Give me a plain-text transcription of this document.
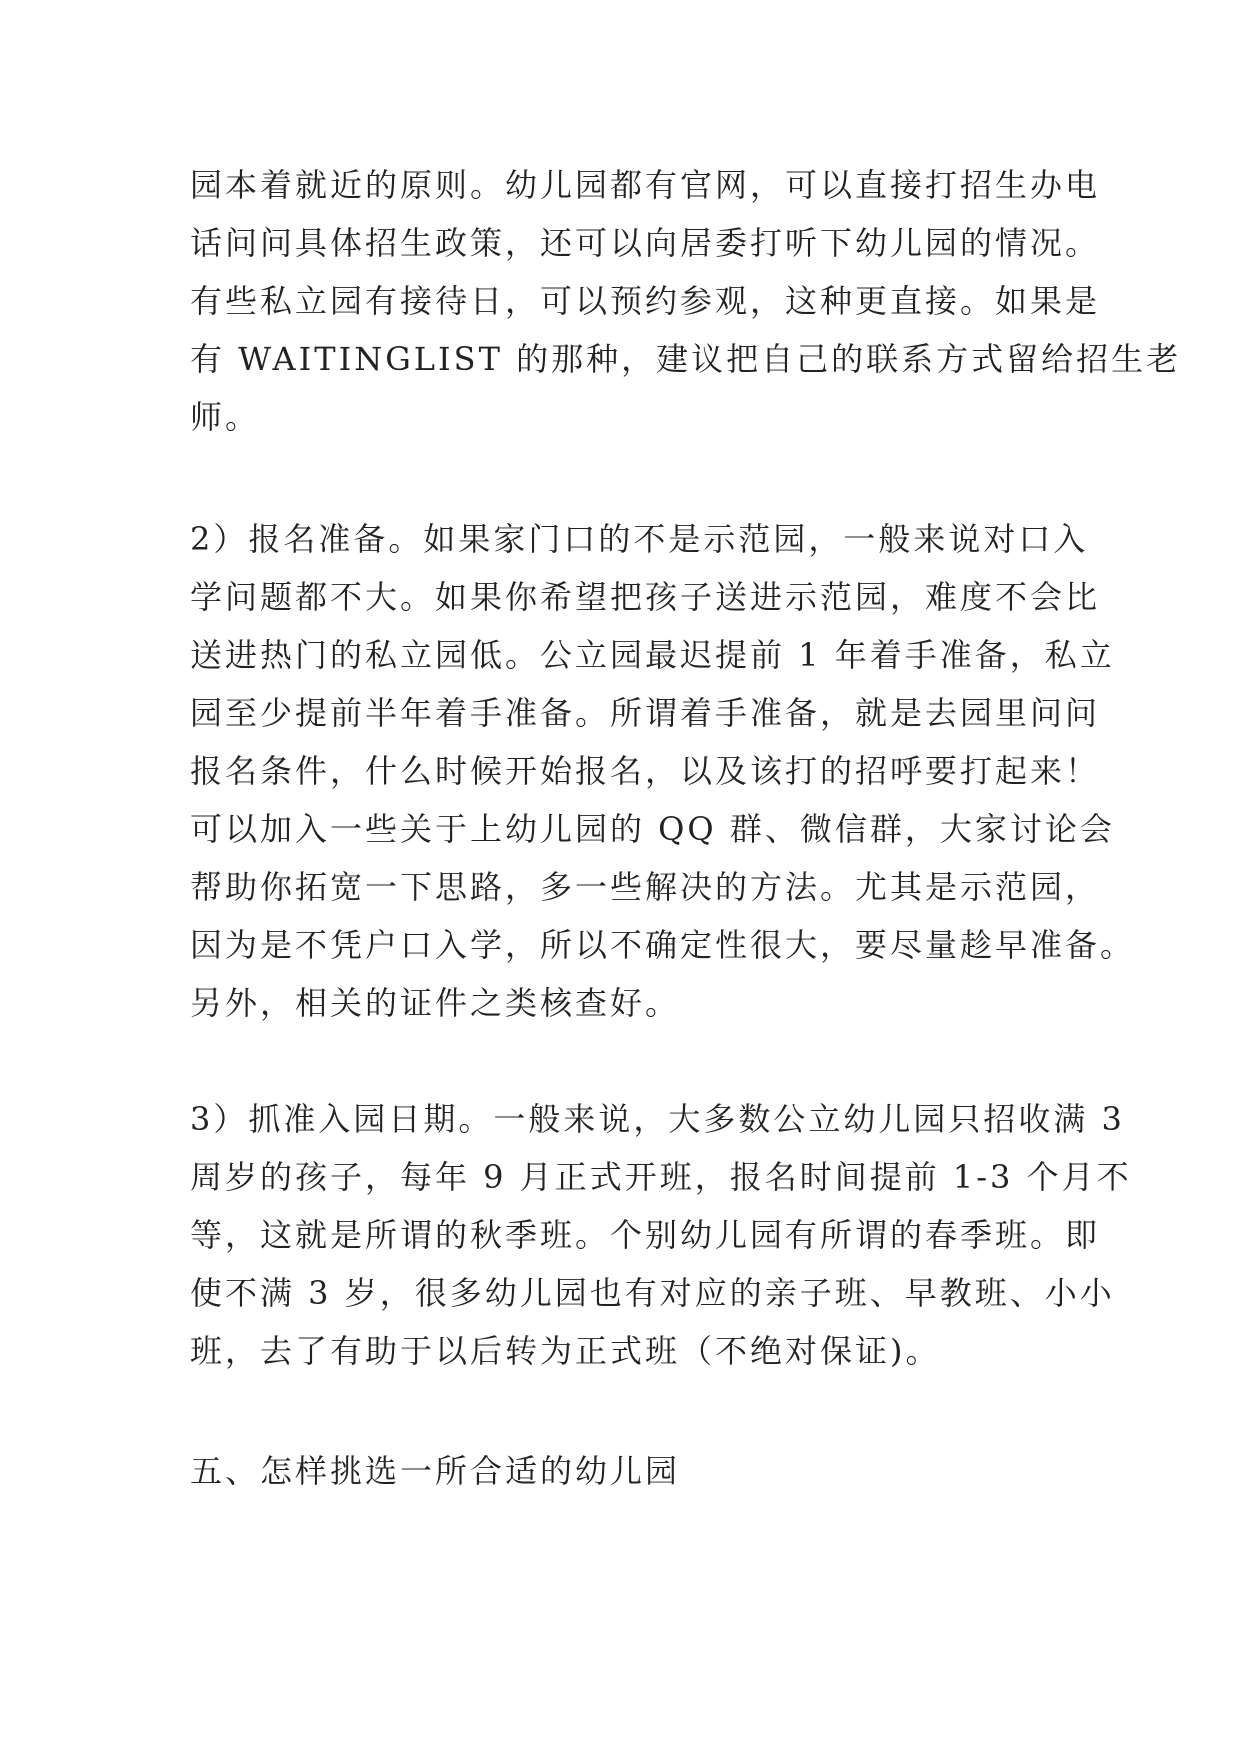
园本着就近的原则。幼儿园都有官网，可以直接打招生办电
话问问具体招生政策，还可以向居委打听下幼儿园的情况。
有些私立园有接待日，可以预约参观，这种更直接。如果是
有 WAITINGLIST 的那种，建议把自己的联系方式留给招生老
师。
2）报名准备。如果家门口的不是示范园，一般来说对口入
学问题都不大。如果你希望把孩子送进示范园，难度不会比
送进热门的私立园低。公立园最迟提前 1 年着手准备，私立
园至少提前半年着手准备。所谓着手准备，就是去园里问问
报名条件，什么时候开始报名，以及该打的招呼要打起来！
可以加入一些关于上幼儿园的 QQ 群、微信群，大家讨论会
帮助你拓宽一下思路，多一些解决的方法。尤其是示范园，
因为是不凭户口入学，所以不确定性很大，要尽量趁早准备。
另外，相关的证件之类核查好。
3）抓准入园日期。一般来说，大多数公立幼儿园只招收满 3
周岁的孩子，每年 9 月正式开班，报名时间提前 1-3 个月不
等，这就是所谓的秋季班。个别幼儿园有所谓的春季班。即
使不满 3 岁，很多幼儿园也有对应的亲子班、早教班、小小
班，去了有助于以后转为正式班（不绝对保证)。
五、怎样挑选一所合适的幼儿园
